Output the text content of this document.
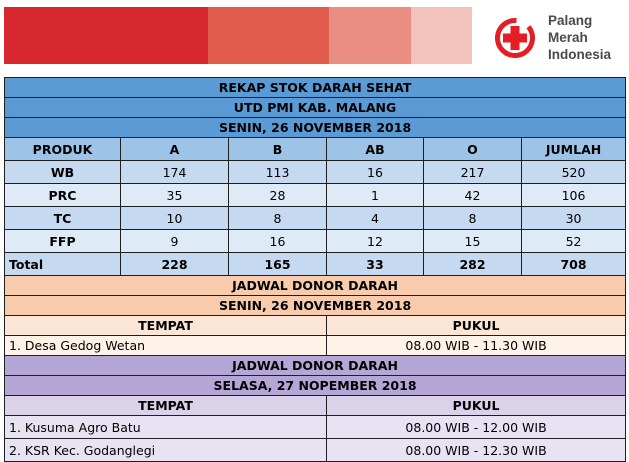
Palang
Merah
Indonesia
REKAP STOK DARAH SEHAT					
UTD PMI KAB. MALANG					
SENIN, 26 NOVEMBER 2018					
PRODUK	A	B	AB	O	JUMLAH
WB	174	113	16	217	520
PRC	35	28	1	42	106
TC	10	8	4	8	30
FFP	9	16	12	15	52
Total	228	165	33	282	708
JADWAL DONOR DARAH					
SENIN, 26 NOVEMBER 2018					
TEMPAT			PUKUL		
1. Desa Gedog Wetan			08.00 WIB - 11.30 WIB		
JADWAL DONOR DARAH					
SELASA, 27 NOPEMBER 2018					
TEMPAT			PUKUL		
1. Kusuma Agro Batu			08.00 WIB - 12.00 WIB		
2. KSR Kec. Godanglegi			08.00 WIB - 12.30 WIB		
